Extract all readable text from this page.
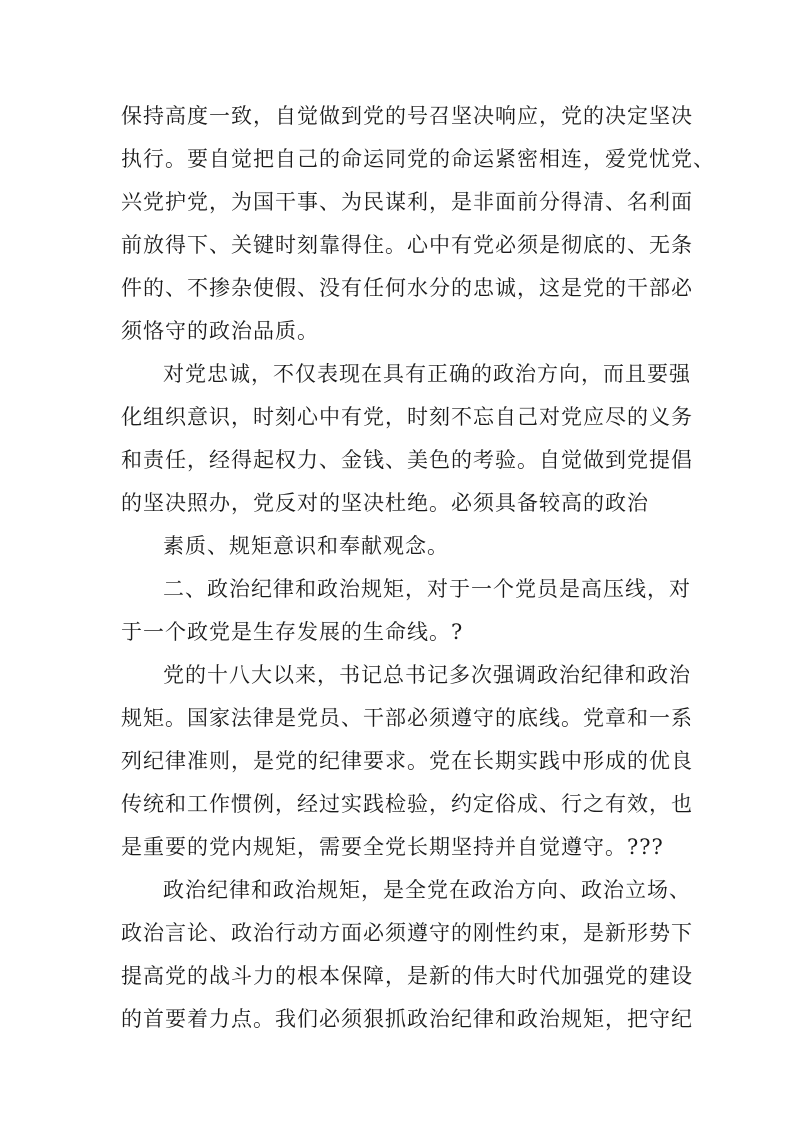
保持高度一致，自觉做到党的号召坚决响应，党的决定坚决
执行。要自觉把自己的命运同党的命运紧密相连，爱党忧党、
兴党护党，为国干事、为民谋利，是非面前分得清、名利面
前放得下、关键时刻靠得住。心中有党必须是彻底的、无条
件的、不掺杂使假、没有任何水分的忠诚，这是党的干部必
须恪守的政治品质。
对党忠诚，不仅表现在具有正确的政治方向，而且要强
化组织意识，时刻心中有党，时刻不忘自己对党应尽的义务
和责任，经得起权力、金钱、美色的考验。自觉做到党提倡
的坚决照办，党反对的坚决杜绝。必须具备较高的政治
素质、规矩意识和奉献观念。
二、政治纪律和政治规矩，对于一个党员是高压线，对
于一个政党是生存发展的生命线。?
党的十八大以来，书记总书记多次强调政治纪律和政治
规矩。国家法律是党员、干部必须遵守的底线。党章和一系
列纪律准则，是党的纪律要求。党在长期实践中形成的优良
传统和工作惯例，经过实践检验，约定俗成、行之有效，也
是重要的党内规矩，需要全党长期坚持并自觉遵守。???
政治纪律和政治规矩，是全党在政治方向、政治立场、
政治言论、政治行动方面必须遵守的刚性约束，是新形势下
提高党的战斗力的根本保障，是新的伟大时代加强党的建设
的首要着力点。我们必须狠抓政治纪律和政治规矩，把守纪
